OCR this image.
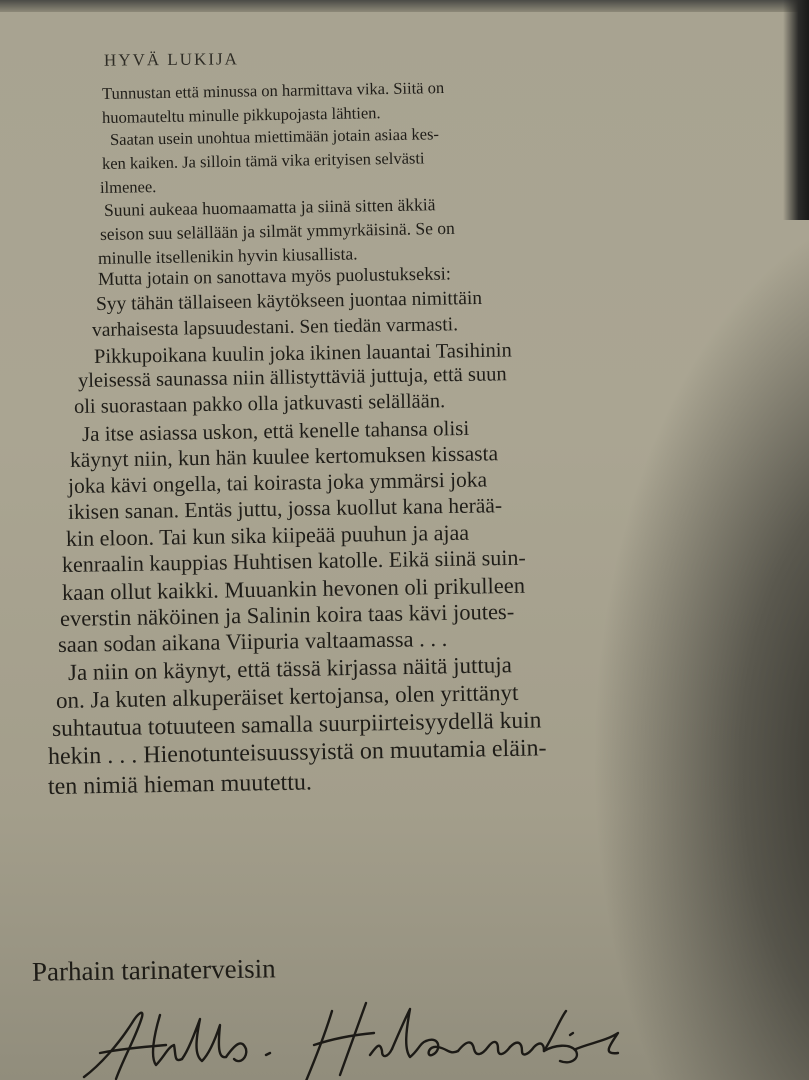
HYVÄ LUKIJA
Tunnustan että minussa on harmittava vika. Siitä on
huomauteltu minulle pikkupojasta lähtien.
Saatan usein unohtua miettimään jotain asiaa kes-
ken kaiken. Ja silloin tämä vika erityisen selvästi
ilmenee.
Suuni aukeaa huomaamatta ja siinä sitten äkkiä
seison suu selällään ja silmät ymmyrkäisinä. Se on
minulle itsellenikin hyvin kiusallista.
Mutta jotain on sanottava myös puolustukseksi:
Syy tähän tällaiseen käytökseen juontaa nimittäin
varhaisesta lapsuudestani. Sen tiedän varmasti.
Pikkupoikana kuulin joka ikinen lauantai Tasihinin
yleisessä saunassa niin ällistyttäviä juttuja, että suun
oli suorastaan pakko olla jatkuvasti selällään.
Ja itse asiassa uskon, että kenelle tahansa olisi
käynyt niin, kun hän kuulee kertomuksen kissasta
joka kävi ongella, tai koirasta joka ymmärsi joka
ikisen sanan. Entäs juttu, jossa kuollut kana herää-
kin eloon. Tai kun sika kiipeää puuhun ja ajaa
kenraalin kauppias Huhtisen katolle. Eikä siinä suin-
kaan ollut kaikki. Muuankin hevonen oli prikulleen
everstin näköinen ja Salinin koira taas kävi joutes-
saan sodan aikana Viipuria valtaamassa . . .
Ja niin on käynyt, että tässä kirjassa näitä juttuja
on. Ja kuten alkuperäiset kertojansa, olen yrittänyt
suhtautua totuuteen samalla suurpiirteisyydellä kuin
hekin . . . Hienotunteisuussyistä on muutamia eläin-
ten nimiä hieman muutettu.
Parhain tarinaterveisin
